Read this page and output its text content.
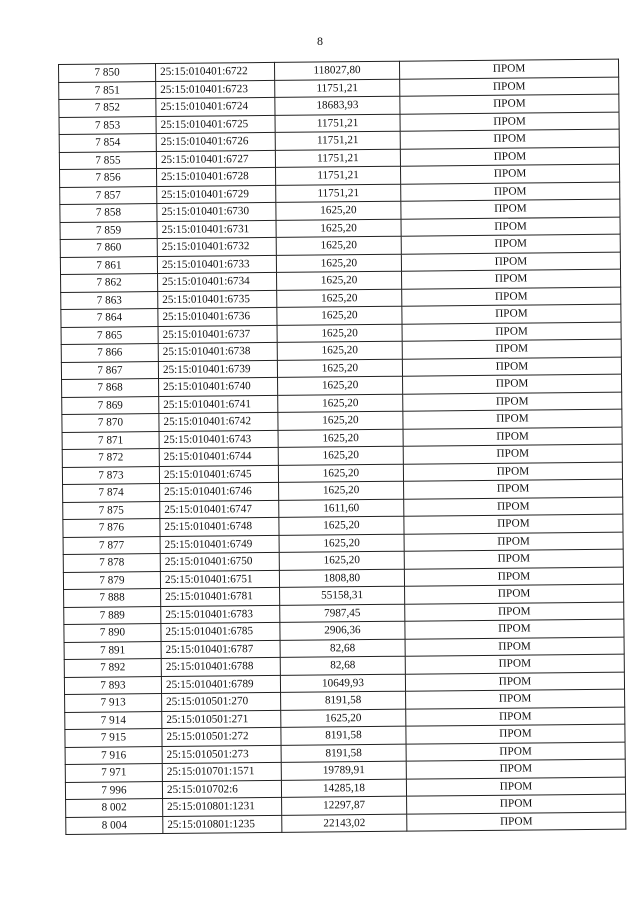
8
7 850	25:15:010401:6722	118027,80	ПРОМ
7 851	25:15:010401:6723	11751,21	ПРОМ
7 852	25:15:010401:6724	18683,93	ПРОМ
7 853	25:15:010401:6725	11751,21	ПРОМ
7 854	25:15:010401:6726	11751,21	ПРОМ
7 855	25:15:010401:6727	11751,21	ПРОМ
7 856	25:15:010401:6728	11751,21	ПРОМ
7 857	25:15:010401:6729	11751,21	ПРОМ
7 858	25:15:010401:6730	1625,20	ПРОМ
7 859	25:15:010401:6731	1625,20	ПРОМ
7 860	25:15:010401:6732	1625,20	ПРОМ
7 861	25:15:010401:6733	1625,20	ПРОМ
7 862	25:15:010401:6734	1625,20	ПРОМ
7 863	25:15:010401:6735	1625,20	ПРОМ
7 864	25:15:010401:6736	1625,20	ПРОМ
7 865	25:15:010401:6737	1625,20	ПРОМ
7 866	25:15:010401:6738	1625,20	ПРОМ
7 867	25:15:010401:6739	1625,20	ПРОМ
7 868	25:15:010401:6740	1625,20	ПРОМ
7 869	25:15:010401:6741	1625,20	ПРОМ
7 870	25:15:010401:6742	1625,20	ПРОМ
7 871	25:15:010401:6743	1625,20	ПРОМ
7 872	25:15:010401:6744	1625,20	ПРОМ
7 873	25:15:010401:6745	1625,20	ПРОМ
7 874	25:15:010401:6746	1625,20	ПРОМ
7 875	25:15:010401:6747	1611,60	ПРОМ
7 876	25:15:010401:6748	1625,20	ПРОМ
7 877	25:15:010401:6749	1625,20	ПРОМ
7 878	25:15:010401:6750	1625,20	ПРОМ
7 879	25:15:010401:6751	1808,80	ПРОМ
7 888	25:15:010401:6781	55158,31	ПРОМ
7 889	25:15:010401:6783	7987,45	ПРОМ
7 890	25:15:010401:6785	2906,36	ПРОМ
7 891	25:15:010401:6787	82,68	ПРОМ
7 892	25:15:010401:6788	82,68	ПРОМ
7 893	25:15:010401:6789	10649,93	ПРОМ
7 913	25:15:010501:270	8191,58	ПРОМ
7 914	25:15:010501:271	1625,20	ПРОМ
7 915	25:15:010501:272	8191,58	ПРОМ
7 916	25:15:010501:273	8191,58	ПРОМ
7 971	25:15:010701:1571	19789,91	ПРОМ
7 996	25:15:010702:6	14285,18	ПРОМ
8 002	25:15:010801:1231	12297,87	ПРОМ
8 004	25:15:010801:1235	22143,02	ПРОМ
